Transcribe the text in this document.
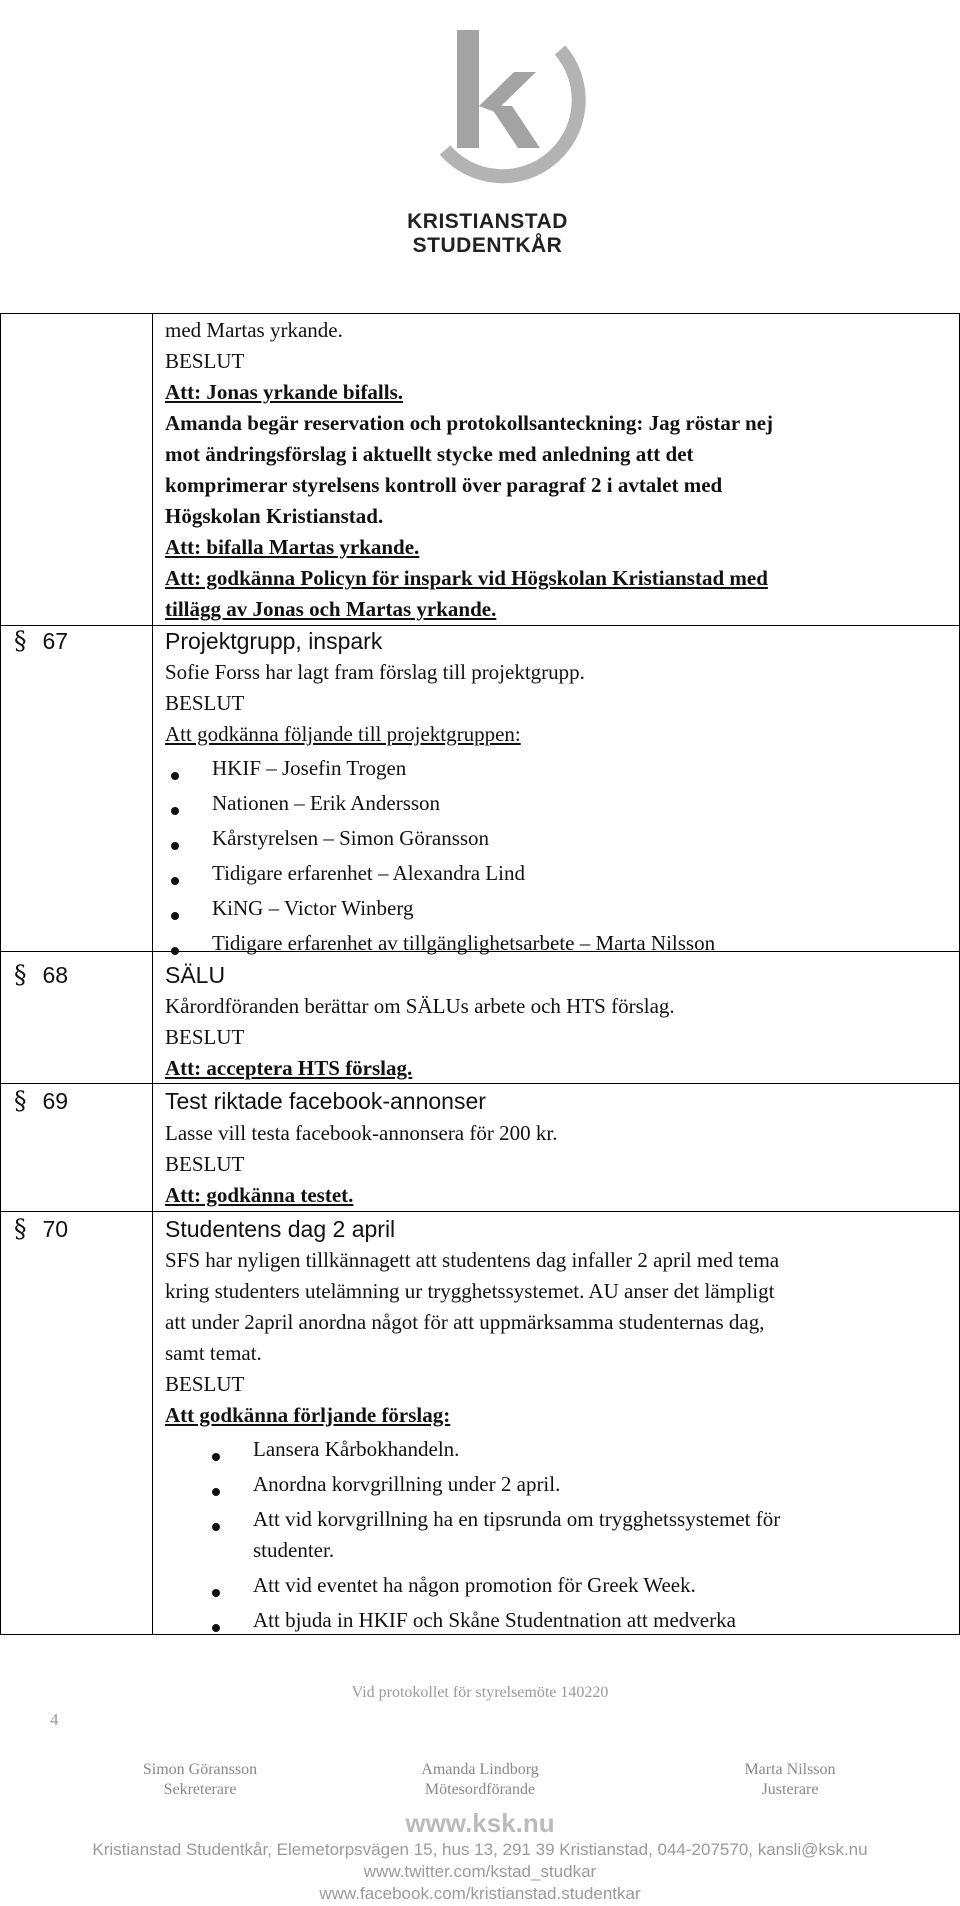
KRISTIANSTAD
STUDENTKÅR
med Martas yrkande.
BESLUT
Att: Jonas yrkande bifalls.
Amanda begär reservation och protokollsanteckning: Jag röstar nej
mot ändringsförslag i aktuellt stycke med anledning att det
komprimerar styrelsens kontroll över paragraf 2 i avtalet med
Högskolan Kristianstad.
Att: bifalla Martas yrkande.
Att: godkänna Policyn för inspark vid Högskolan Kristianstad med
tillägg av Jonas och Martas yrkande.
§ 67	Projektgrupp, inspark
Sofie Forss har lagt fram förslag till projektgrupp.
BESLUT
Att godkänna följande till projektgruppen:
HKIF – Josefin Trogen
Nationen – Erik Andersson
Kårstyrelsen – Simon Göransson
Tidigare erfarenhet – Alexandra Lind
KiNG – Victor Winberg
Tidigare erfarenhet av tillgänglighetsarbete – Marta Nilsson
§ 68	SÄLU
Kårordföranden berättar om SÄLUs arbete och HTS förslag.
BESLUT
Att: acceptera HTS förslag.
§ 69	Test riktade facebook-annonser
Lasse vill testa facebook-annonsera för 200 kr.
BESLUT
Att: godkänna testet.
§ 70	Studentens dag 2 april
SFS har nyligen tillkännagett att studentens dag infaller 2 april med tema
kring studenters utelämning ur trygghetssystemet. AU anser det lämpligt
att under 2april anordna något för att uppmärksamma studenternas dag,
samt temat.
BESLUT
Att godkänna förljande förslag:
Lansera Kårbokhandeln.
Anordna korvgrillning under 2 april.
Att vid korvgrillning ha en tipsrunda om trygghetssystemet för
studenter.
Att vid eventet ha någon promotion för Greek Week.
Att bjuda in HKIF och Skåne Studentnation att medverka
4
Vid protokollet för styrelsemöte 140220
Simon Göransson
Sekreterare
Amanda Lindborg
Mötesordförande
Marta Nilsson
Justerare
www.ksk.nu
Kristianstad Studentkår, Elemetorpsvägen 15, hus 13, 291 39 Kristianstad, 044-207570, kansli@ksk.nu
www.twitter.com/kstad_studkar
www.facebook.com/kristianstad.studentkar
